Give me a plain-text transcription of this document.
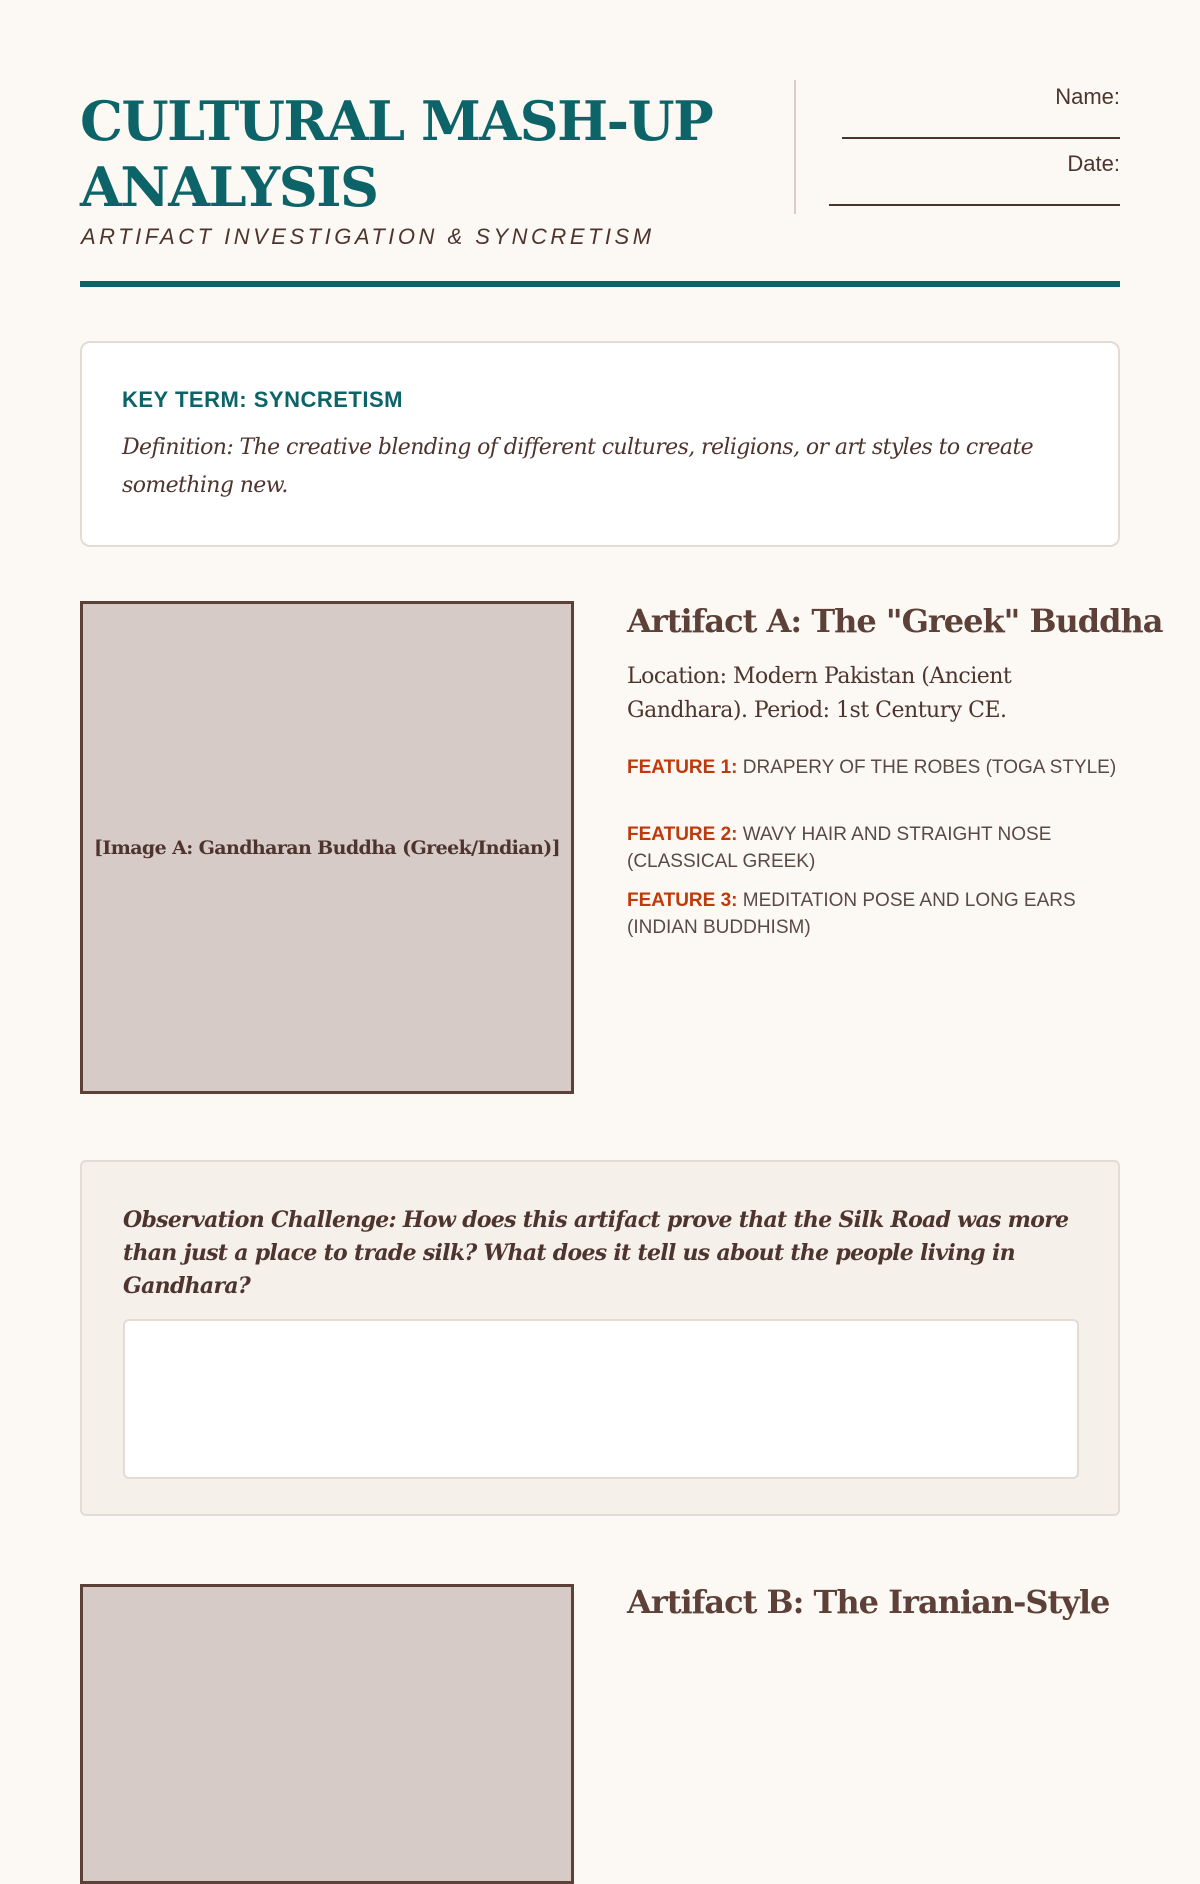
CULTURAL MASH-UP ANALYSIS
ARTIFACT INVESTIGATION & SYNCRETISM
Name:
Date:
KEY TERM: SYNCRETISM

Definition: The creative blending of different cultures, religions, or art styles to create something new.

[Image A: Gandharan Buddha (Greek/Indian)]
Artifact A: The "Greek" Buddha

Location: Modern Pakistan (Ancient Gandhara). Period: 1st Century CE.

FEATURE 1: DRAPERY OF THE ROBES (TOGA STYLE)
FEATURE 2: WAVY HAIR AND STRAIGHT NOSE (CLASSICAL GREEK)
FEATURE 3: MEDITATION POSE AND LONG EARS (INDIAN BUDDHISM)

Observation Challenge: How does this artifact prove that the Silk Road was more than just a place to trade silk? What does it tell us about the people living in Gandhara?

Artifact B: The Iranian-Style
